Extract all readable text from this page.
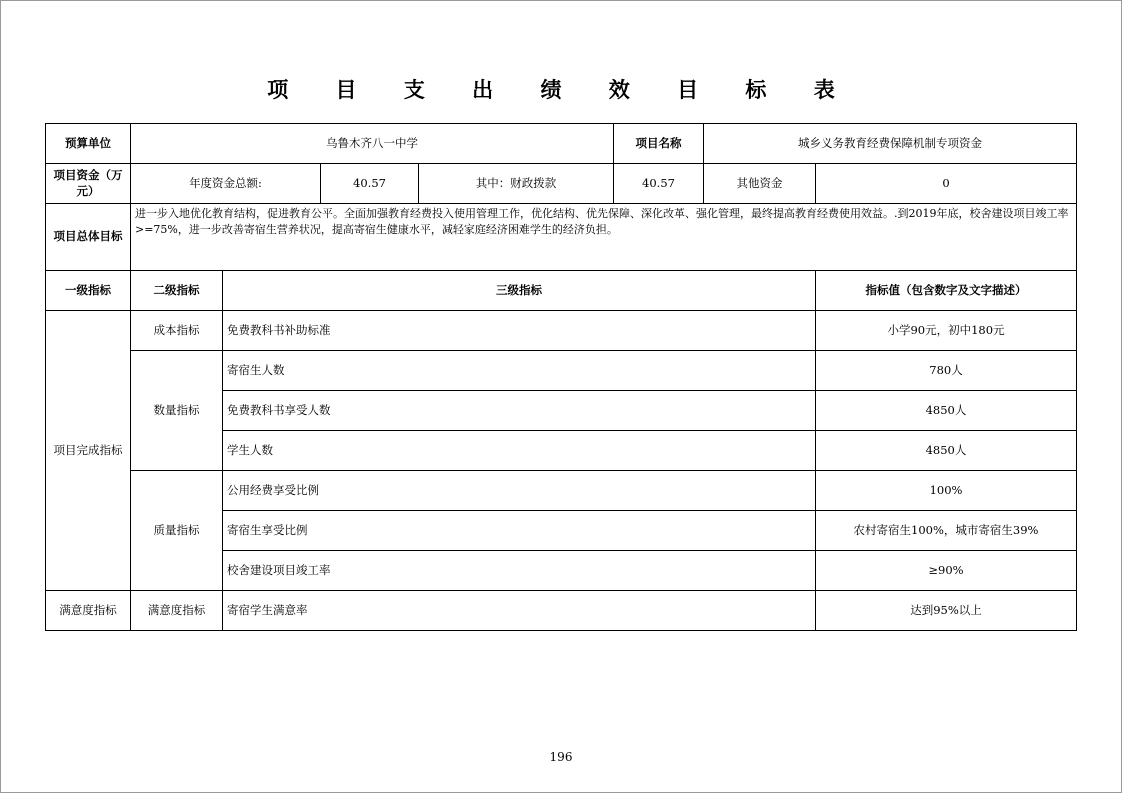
项 目 支 出 绩 效 目 标 表
预算单位	乌鲁木齐八一中学				项目名称	城乡义务教育经费保障机制专项资金	
项目资金（万元）	年度资金总额:		40.57	其中：财政拨款	40.57	其他资金	0
项目总体目标	进一步入地优化教育结构，促进教育公平。全面加强教育经费投入使用管理工作，优化结构、优先保障、深化改革、强化管理，最终提高教育经费使用效益。.到2019年底，校舍建设项目竣工率>=75%，进一步改善寄宿生营养状况，提高寄宿生健康水平，减轻家庭经济困难学生的经济负担。						
一级指标	二级指标	三级指标					指标值（包含数字及文字描述）
项目完成指标	成本指标	免费教科书补助标准					小学90元，初中180元
	数量指标	寄宿生人数					780人
		免费教科书享受人数					4850人
		学生人数					4850人
	质量指标	公用经费享受比例					100%
		寄宿生享受比例					农村寄宿生100%，城市寄宿生39%
		校舍建设项目竣工率					≥90%
满意度指标	满意度指标	寄宿学生满意率					达到95%以上
196
